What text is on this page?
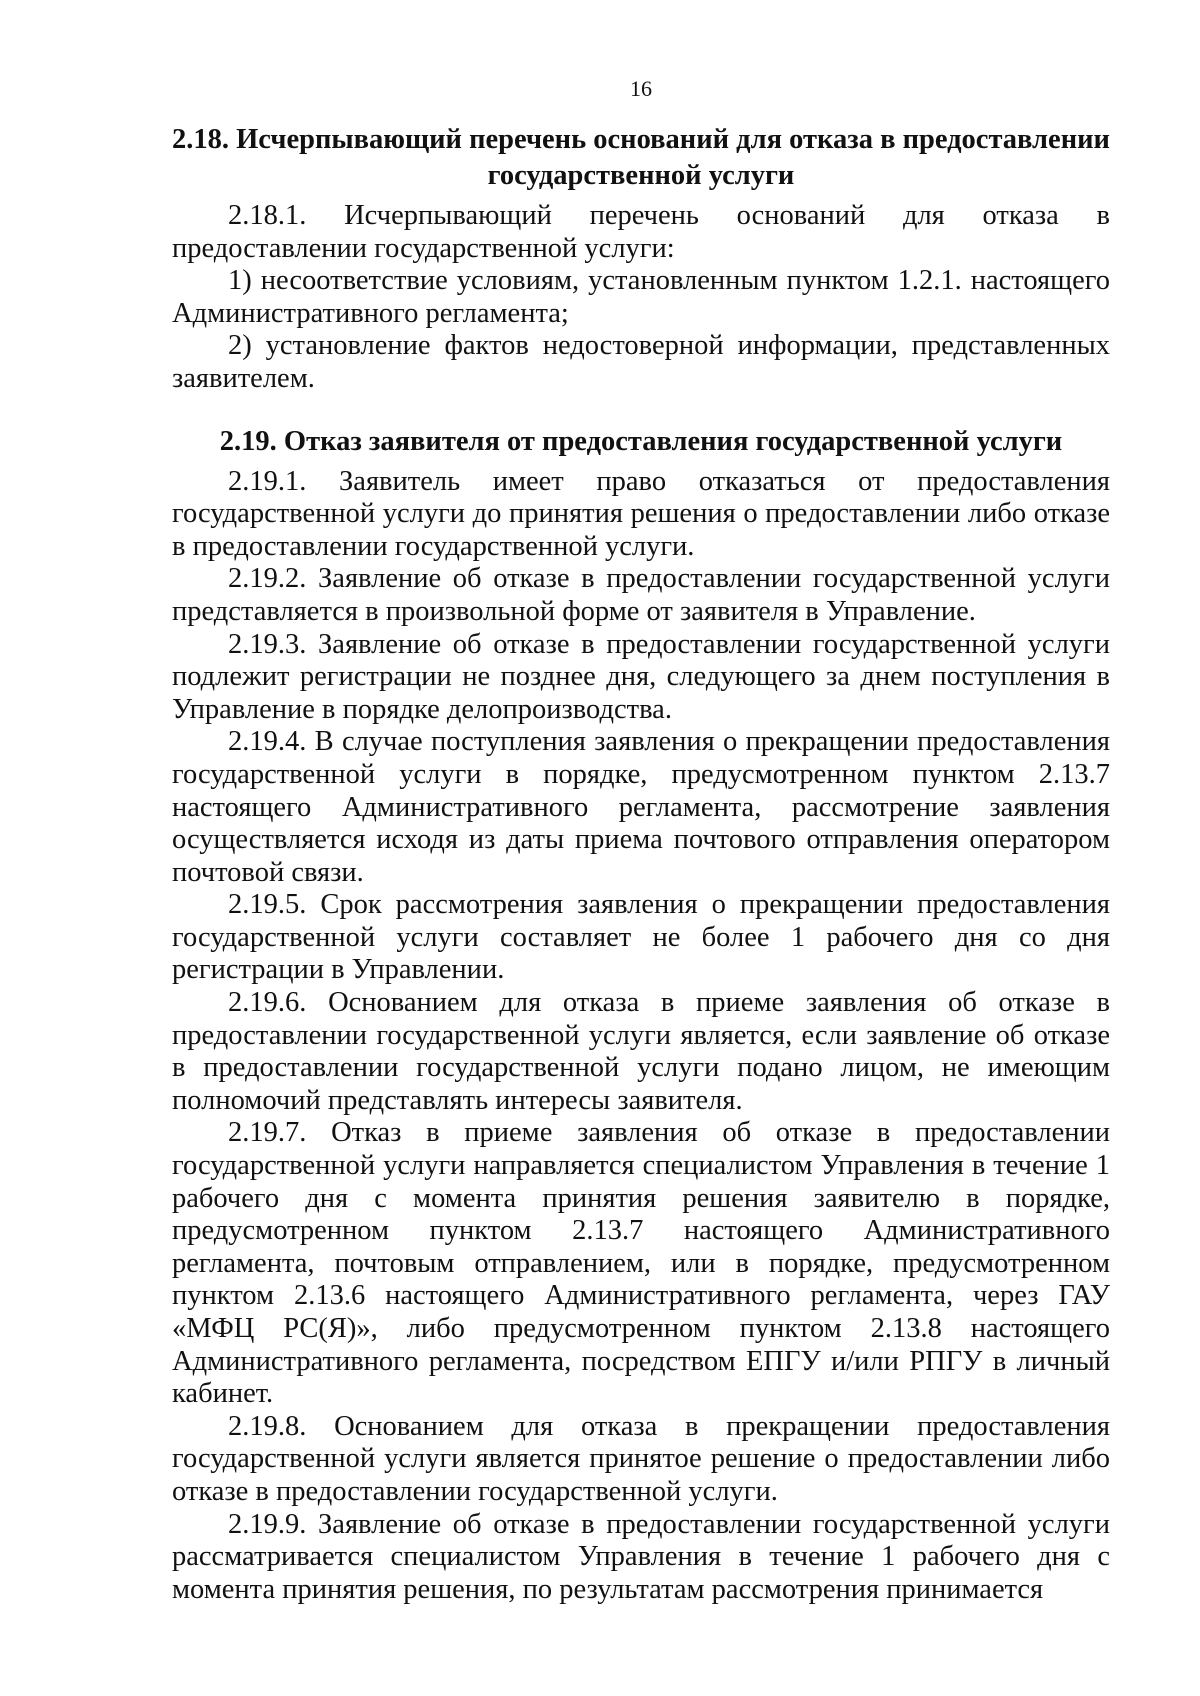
16
2.18. Исчерпывающий перечень оснований для отказа в предоставлении
государственной услуги

2.18.1. Исчерпывающий перечень оснований для отказа в предоставлении государственной услуги:

1) несоответствие условиям, установленным пунктом 1.2.1. настоящего Административного регламента;

2) установление фактов недостоверной информации, представленных заявителем.

2.19. Отказ заявителя от предоставления государственной услуги

2.19.1. Заявитель имеет право отказаться от предоставления государственной услуги до принятия решения о предоставлении либо отказе в предоставлении государственной услуги.

2.19.2. Заявление об отказе в предоставлении государственной услуги представляется в произвольной форме от заявителя в Управление.

2.19.3. Заявление об отказе в предоставлении государственной услуги подлежит регистрации не позднее дня, следующего за днем поступления в Управление в порядке делопроизводства.

2.19.4. В случае поступления заявления о прекращении предоставления государственной услуги в порядке, предусмотренном пунктом 2.13.7 настоящего Административного регламента, рассмотрение заявления осуществляется исходя из даты приема почтового отправления оператором почтовой связи.

2.19.5. Срок рассмотрения заявления о прекращении предоставления государственной услуги составляет не более 1 рабочего дня со дня регистрации в Управлении.

2.19.6. Основанием для отказа в приеме заявления об отказе в предоставлении государственной услуги является, если заявление об отказе в предоставлении государственной услуги подано лицом, не имеющим полномочий представлять интересы заявителя.

2.19.7. Отказ в приеме заявления об отказе в предоставлении государственной услуги направляется специалистом Управления в течение 1 рабочего дня с момента принятия решения заявителю в порядке, предусмотренном пунктом 2.13.7 настоящего Административного регламента, почтовым отправлением, или в порядке, предусмотренном пунктом 2.13.6 настоящего Административного регламента, через ГАУ «МФЦ РС(Я)», либо предусмотренном пунктом 2.13.8 настоящего Административного регламента, посредством ЕПГУ и/или РПГУ в личный кабинет.

2.19.8. Основанием для отказа в прекращении предоставления государственной услуги является принятое решение о предоставлении либо отказе в предоставлении государственной услуги.

2.19.9. Заявление об отказе в предоставлении государственной услуги рассматривается специалистом Управления в течение 1 рабочего дня с момента принятия решения, по результатам рассмотрения принимается
